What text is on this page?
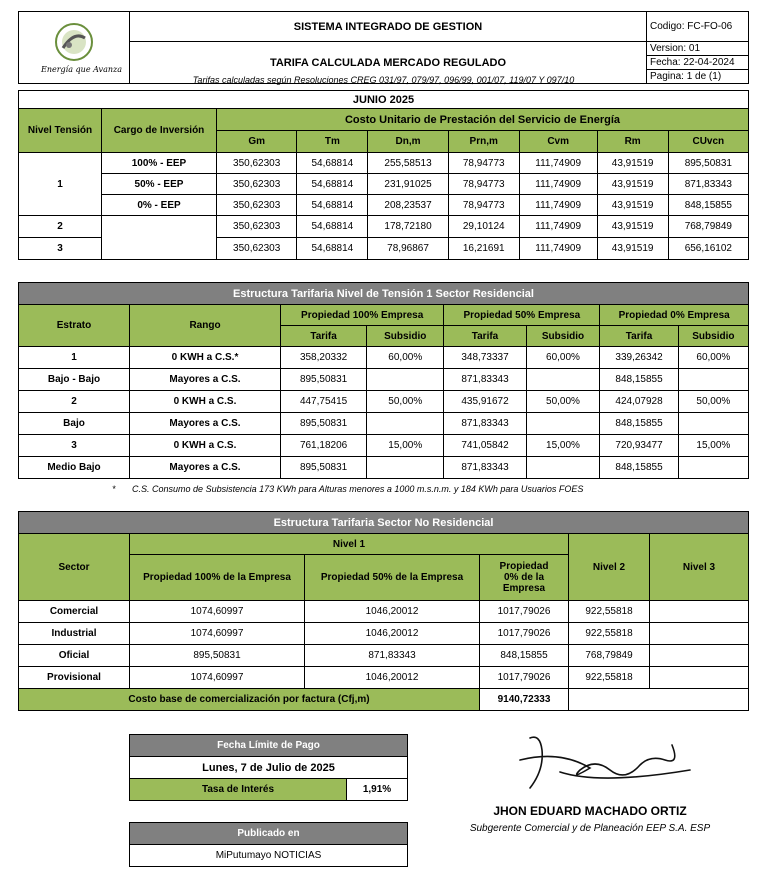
Energía que Avanza	SISTEMA INTEGRADO DE GESTION	Codigo: FC-FO-06
	TARIFA CALCULADA MERCADO REGULADO	Version: 01
Fecha: 22-04-2024
Pagina: 1 de (1)
Tarifas calculadas según Resoluciones CREG 031/97, 079/97, 096/99, 001/07, 119/07 Y 097/10
JUNIO 2025								
Nivel Tensión	Cargo de Inversión	Costo Unitario de Prestación del Servicio de Energía						
		Gm	Tm	Dn,m	Prn,m	Cvm	Rm	CUvcn
1	100% - EEP	350,62303	54,68814	255,58513	78,94773	111,74909	43,91519	895,50831
	50% - EEP	350,62303	54,68814	231,91025	78,94773	111,74909	43,91519	871,83343
	0% - EEP	350,62303	54,68814	208,23537	78,94773	111,74909	43,91519	848,15855
2		350,62303	54,68814	178,72180	29,10124	111,74909	43,91519	768,79849
3		350,62303	54,68814	78,96867	16,21691	111,74909	43,91519	656,16102
Estructura Tarifaria Nivel de Tensión 1 Sector Residencial							
Estrato	Rango	Propiedad 100% Empresa		Propiedad 50% Empresa		Propiedad 0% Empresa	
		Tarifa	Subsidio	Tarifa	Subsidio	Tarifa	Subsidio
1	0 KWH a C.S.*	358,20332	60,00%	348,73337	60,00%	339,26342	60,00%
Bajo - Bajo	Mayores a C.S.	895,50831		871,83343		848,15855	
2	0 KWH a C.S.	447,75415	50,00%	435,91672	50,00%	424,07928	50,00%
Bajo	Mayores a C.S.	895,50831		871,83343		848,15855	
3	0 KWH a C.S.	761,18206	15,00%	741,05842	15,00%	720,93477	15,00%
Medio Bajo	Mayores a C.S.	895,50831		871,83343		848,15855	
* C.S. Consumo de Subsistencia 173 KWh para Alturas menores a 1000 m.s.n.m. y 184 KWh para Usuarios FOES
Estructura Tarifaria Sector No Residencial					
Sector	Nivel 1			Nivel 2	Nivel 3
	Propiedad 100% de la Empresa	Propiedad 50% de la Empresa	Propiedad 0% de la Empresa		
Comercial	1074,60997	1046,20012	1017,79026	922,55818	
Industrial	1074,60997	1046,20012	1017,79026	922,55818	
Oficial	895,50831	871,83343	848,15855	768,79849	
Provisional	1074,60997	1046,20012	1017,79026	922,55818	
Costo base de comercialización por factura (Cfj,m)			9140,72333		
Fecha Límite de Pago
Lunes, 7 de Julio de 2025
Tasa de Interés	1,91%
Publicado en
MiPutumayo NOTICIAS
JHON EDUARD MACHADO ORTIZ
Subgerente Comercial y de Planeación EEP S.A. ESP
